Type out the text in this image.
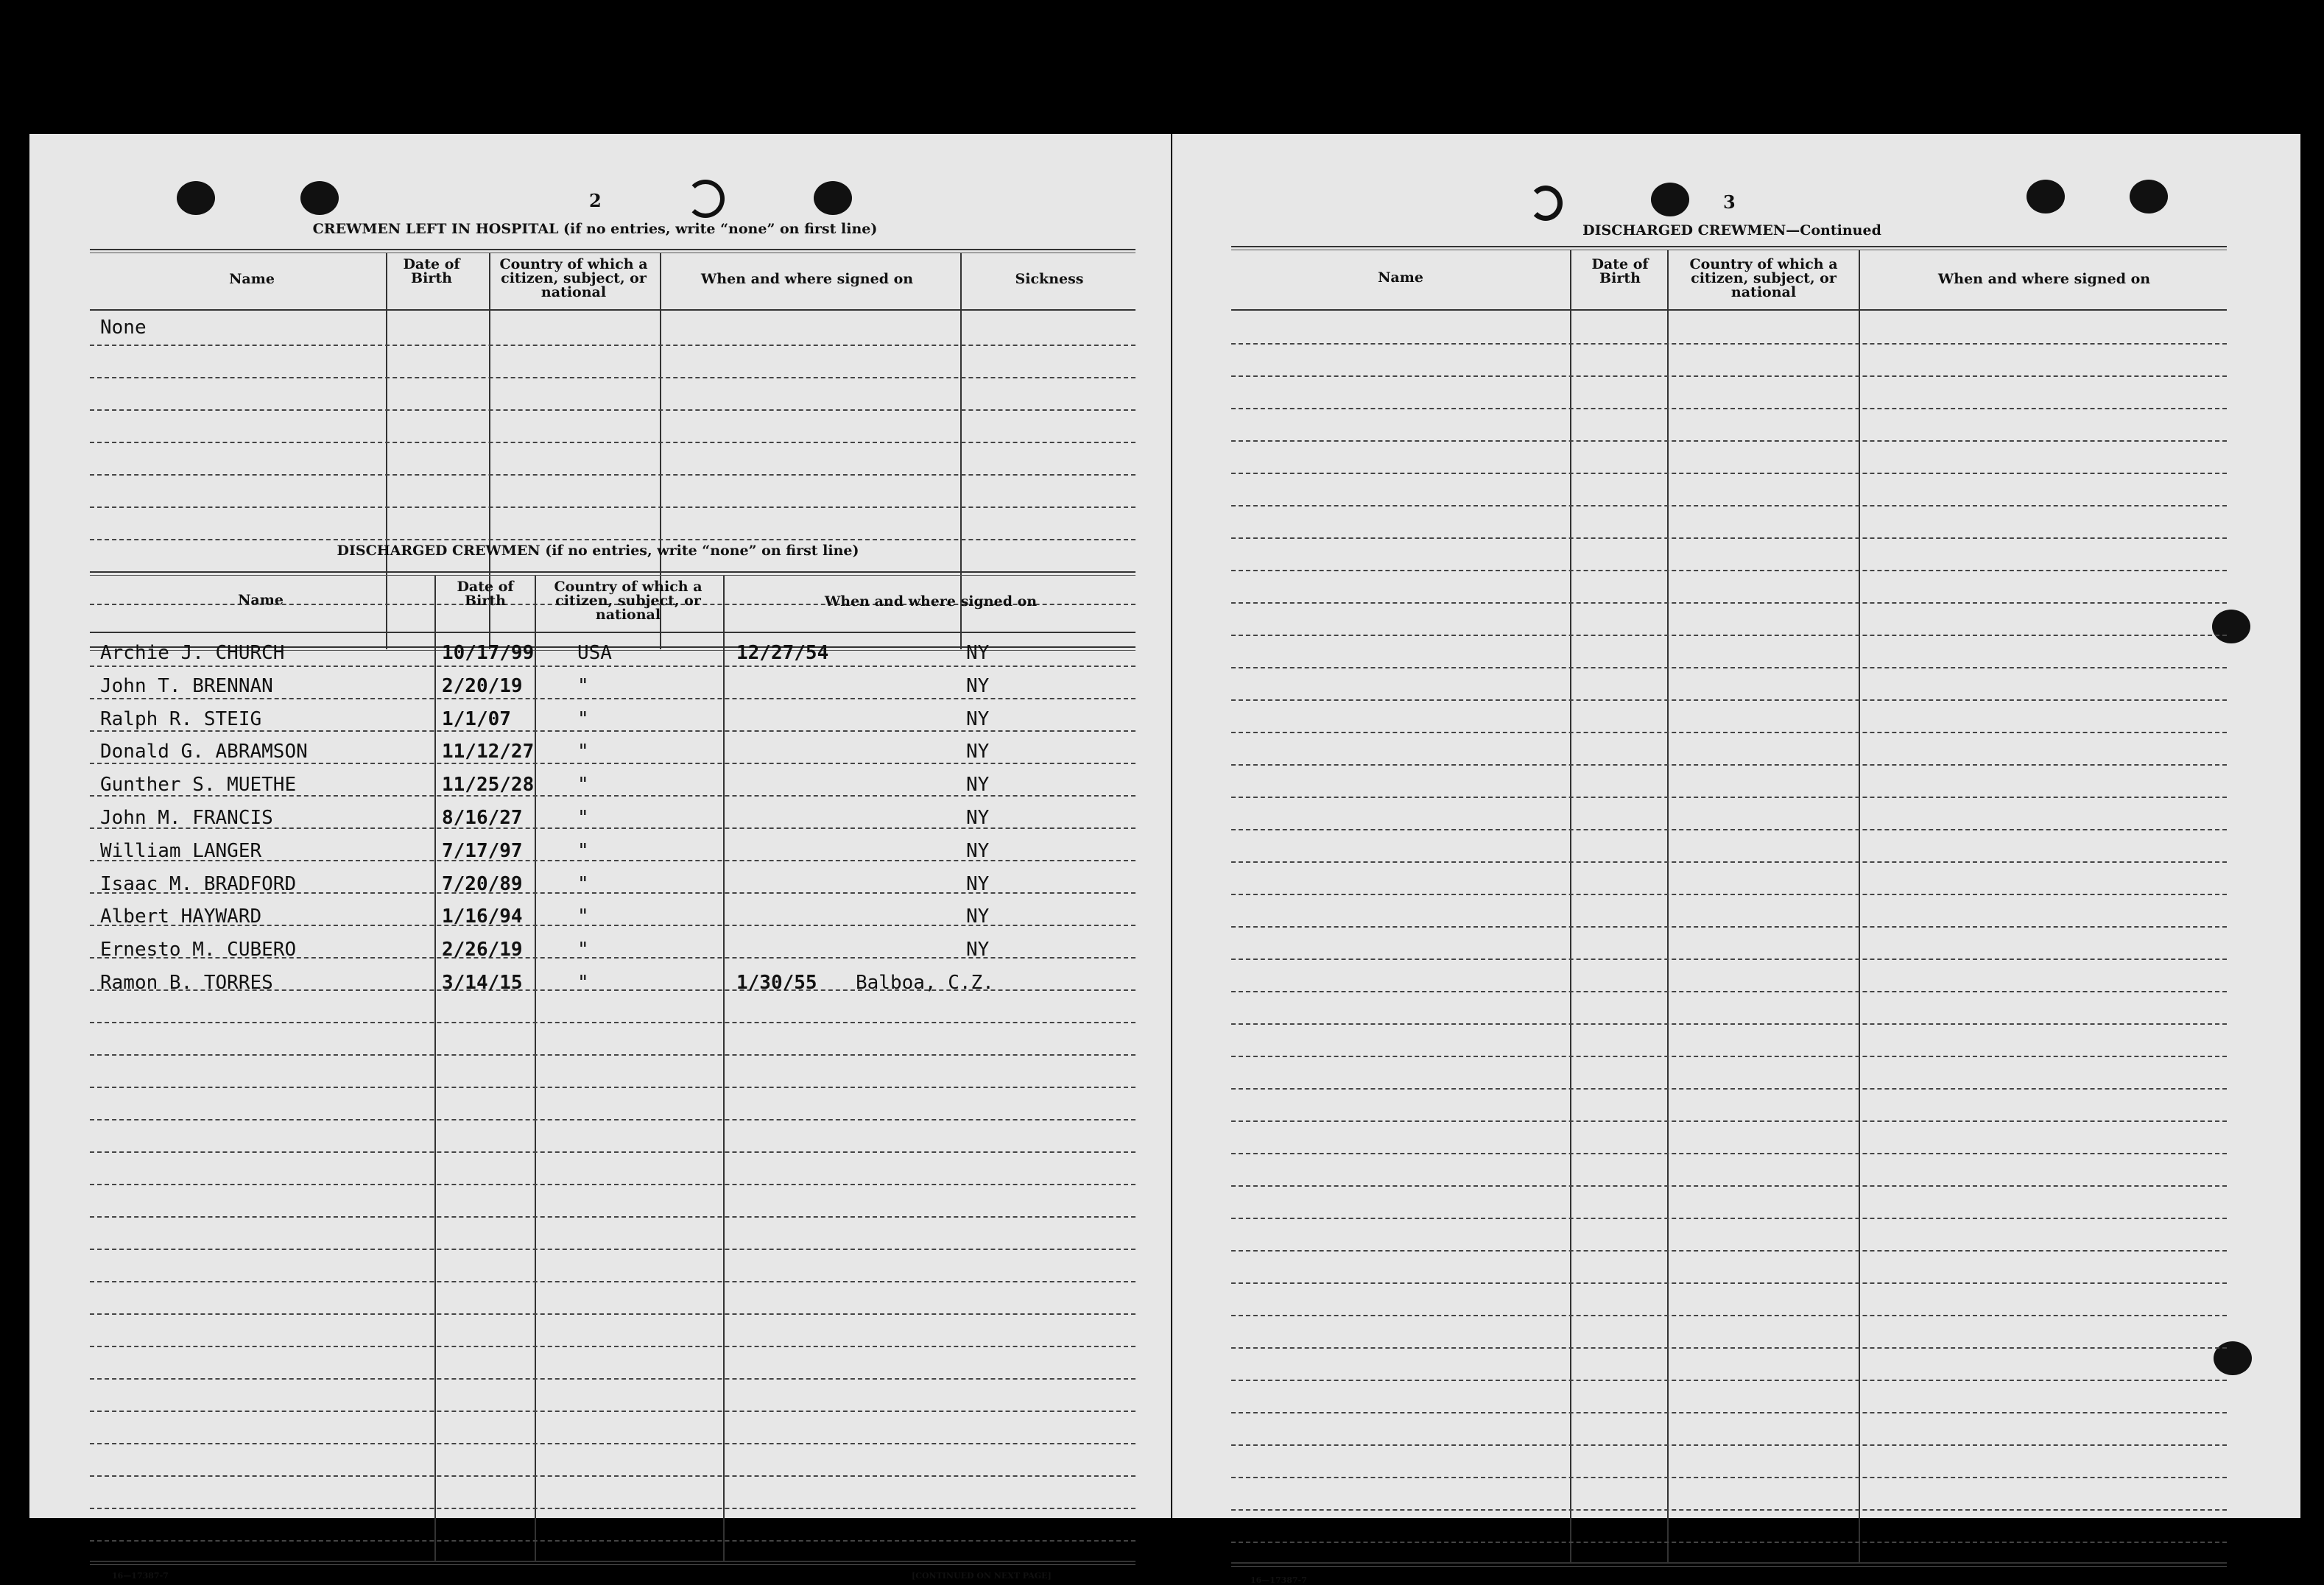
2
CREWMEN LEFT IN HOSPITAL (if no entries, write “none” on first line)
Name
Date of Birth
Country of which a citizen, subject, or national
When and where signed on	Sickness
None
DISCHARGED CREWMEN (if no entries, write “none” on first line)
Name
Date of Birth
Country of which a citizen, subject, or national
When and where signed on
Archie J. CHURCH	10/17/99 USA	12/27/54	NY
John T. BRENNAN	2/20/19	"	NY
Ralph R. STEIG	1/1/07	"	NY
Donald G. ABRAMSON	11/12/27 "	NY
Gunther S. MUETHE	11/25/28 "	NY
John M. FRANCIS	8/16/27	"	NY
William LANGER	7/17/97	"	NY
Isaac M. BRADFORD	7/20/89	"	NY
Albert HAYWARD	1/16/94	"	NY
Ernesto M. CUBERO	2/26/19	"	NY
Ramon B. TORRES	3/14/15	"	1/30/55 Balboa, C.Z.
16—17387-7	[CONTINUED ON NEXT PAGE]
3
DISCHARGED CREWMEN—Continued
Name
Date of Birth
Country of which a citizen, subject, or national
When and where signed on
16—17387-7
